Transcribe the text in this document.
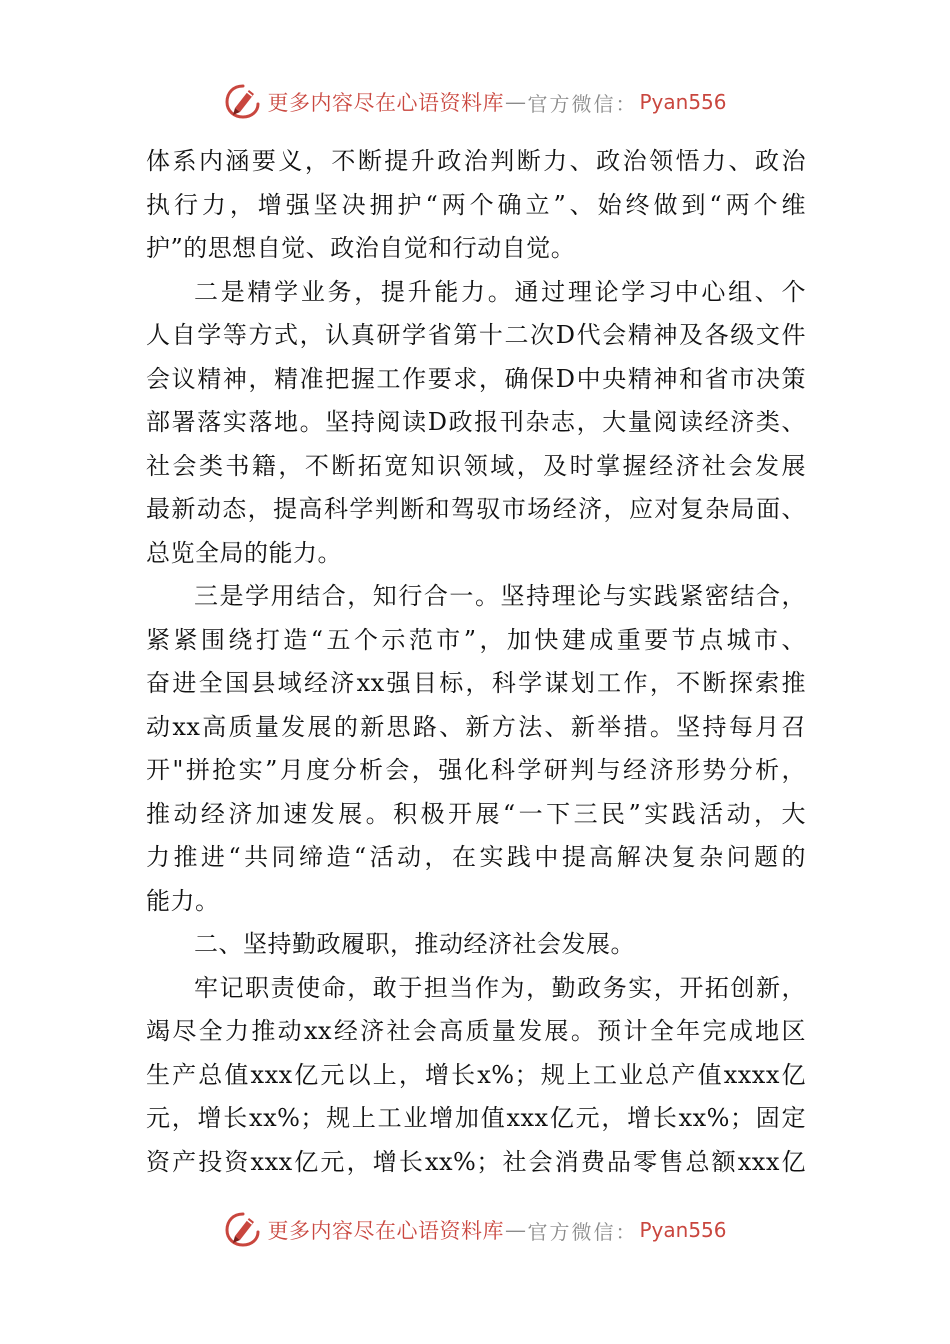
更多内容尽在心语资料库 — 官方微信： Pyan556
体系内涵要义，不断提升政治判断力、政治领悟力、政治
执行力，增强坚决拥护“两个确立”、始终做到“两个维
护”的思想自觉、政治自觉和行动自觉。
二是精学业务，提升能力。通过理论学习中心组、个
人自学等方式，认真研学省第十二次D代会精神及各级文件
会议精神，精准把握工作要求，确保D中央精神和省市决策
部署落实落地。坚持阅读D政报刊杂志，大量阅读经济类、
社会类书籍，不断拓宽知识领域，及时掌握经济社会发展
最新动态，提高科学判断和驾驭市场经济，应对复杂局面、
总览全局的能力。
三是学用结合，知行合一。坚持理论与实践紧密结合，
紧紧围绕打造“五个示范市”，加快建成重要节点城市、
奋进全国县域经济xx强目标，科学谋划工作，不断探索推
动xx高质量发展的新思路、新方法、新举措。坚持每月召
开"拼抢实”月度分析会，强化科学研判与经济形势分析，
推动经济加速发展。积极开展“一下三民”实践活动，大
力推进“共同缔造“活动，在实践中提高解决复杂问题的
能力。
二、坚持勤政履职，推动经济社会发展。
牢记职责使命，敢于担当作为，勤政务实，开拓创新，
竭尽全力推动xx经济社会高质量发展。预计全年完成地区
生产总值xxx亿元以上，增长x%；规上工业总产值xxxx亿
元，增长xx%；规上工业增加值xxx亿元，增长xx%；固定
资产投资xxx亿元，增长xx%；社会消费品零售总额xxx亿
更多内容尽在心语资料库 — 官方微信： Pyan556
